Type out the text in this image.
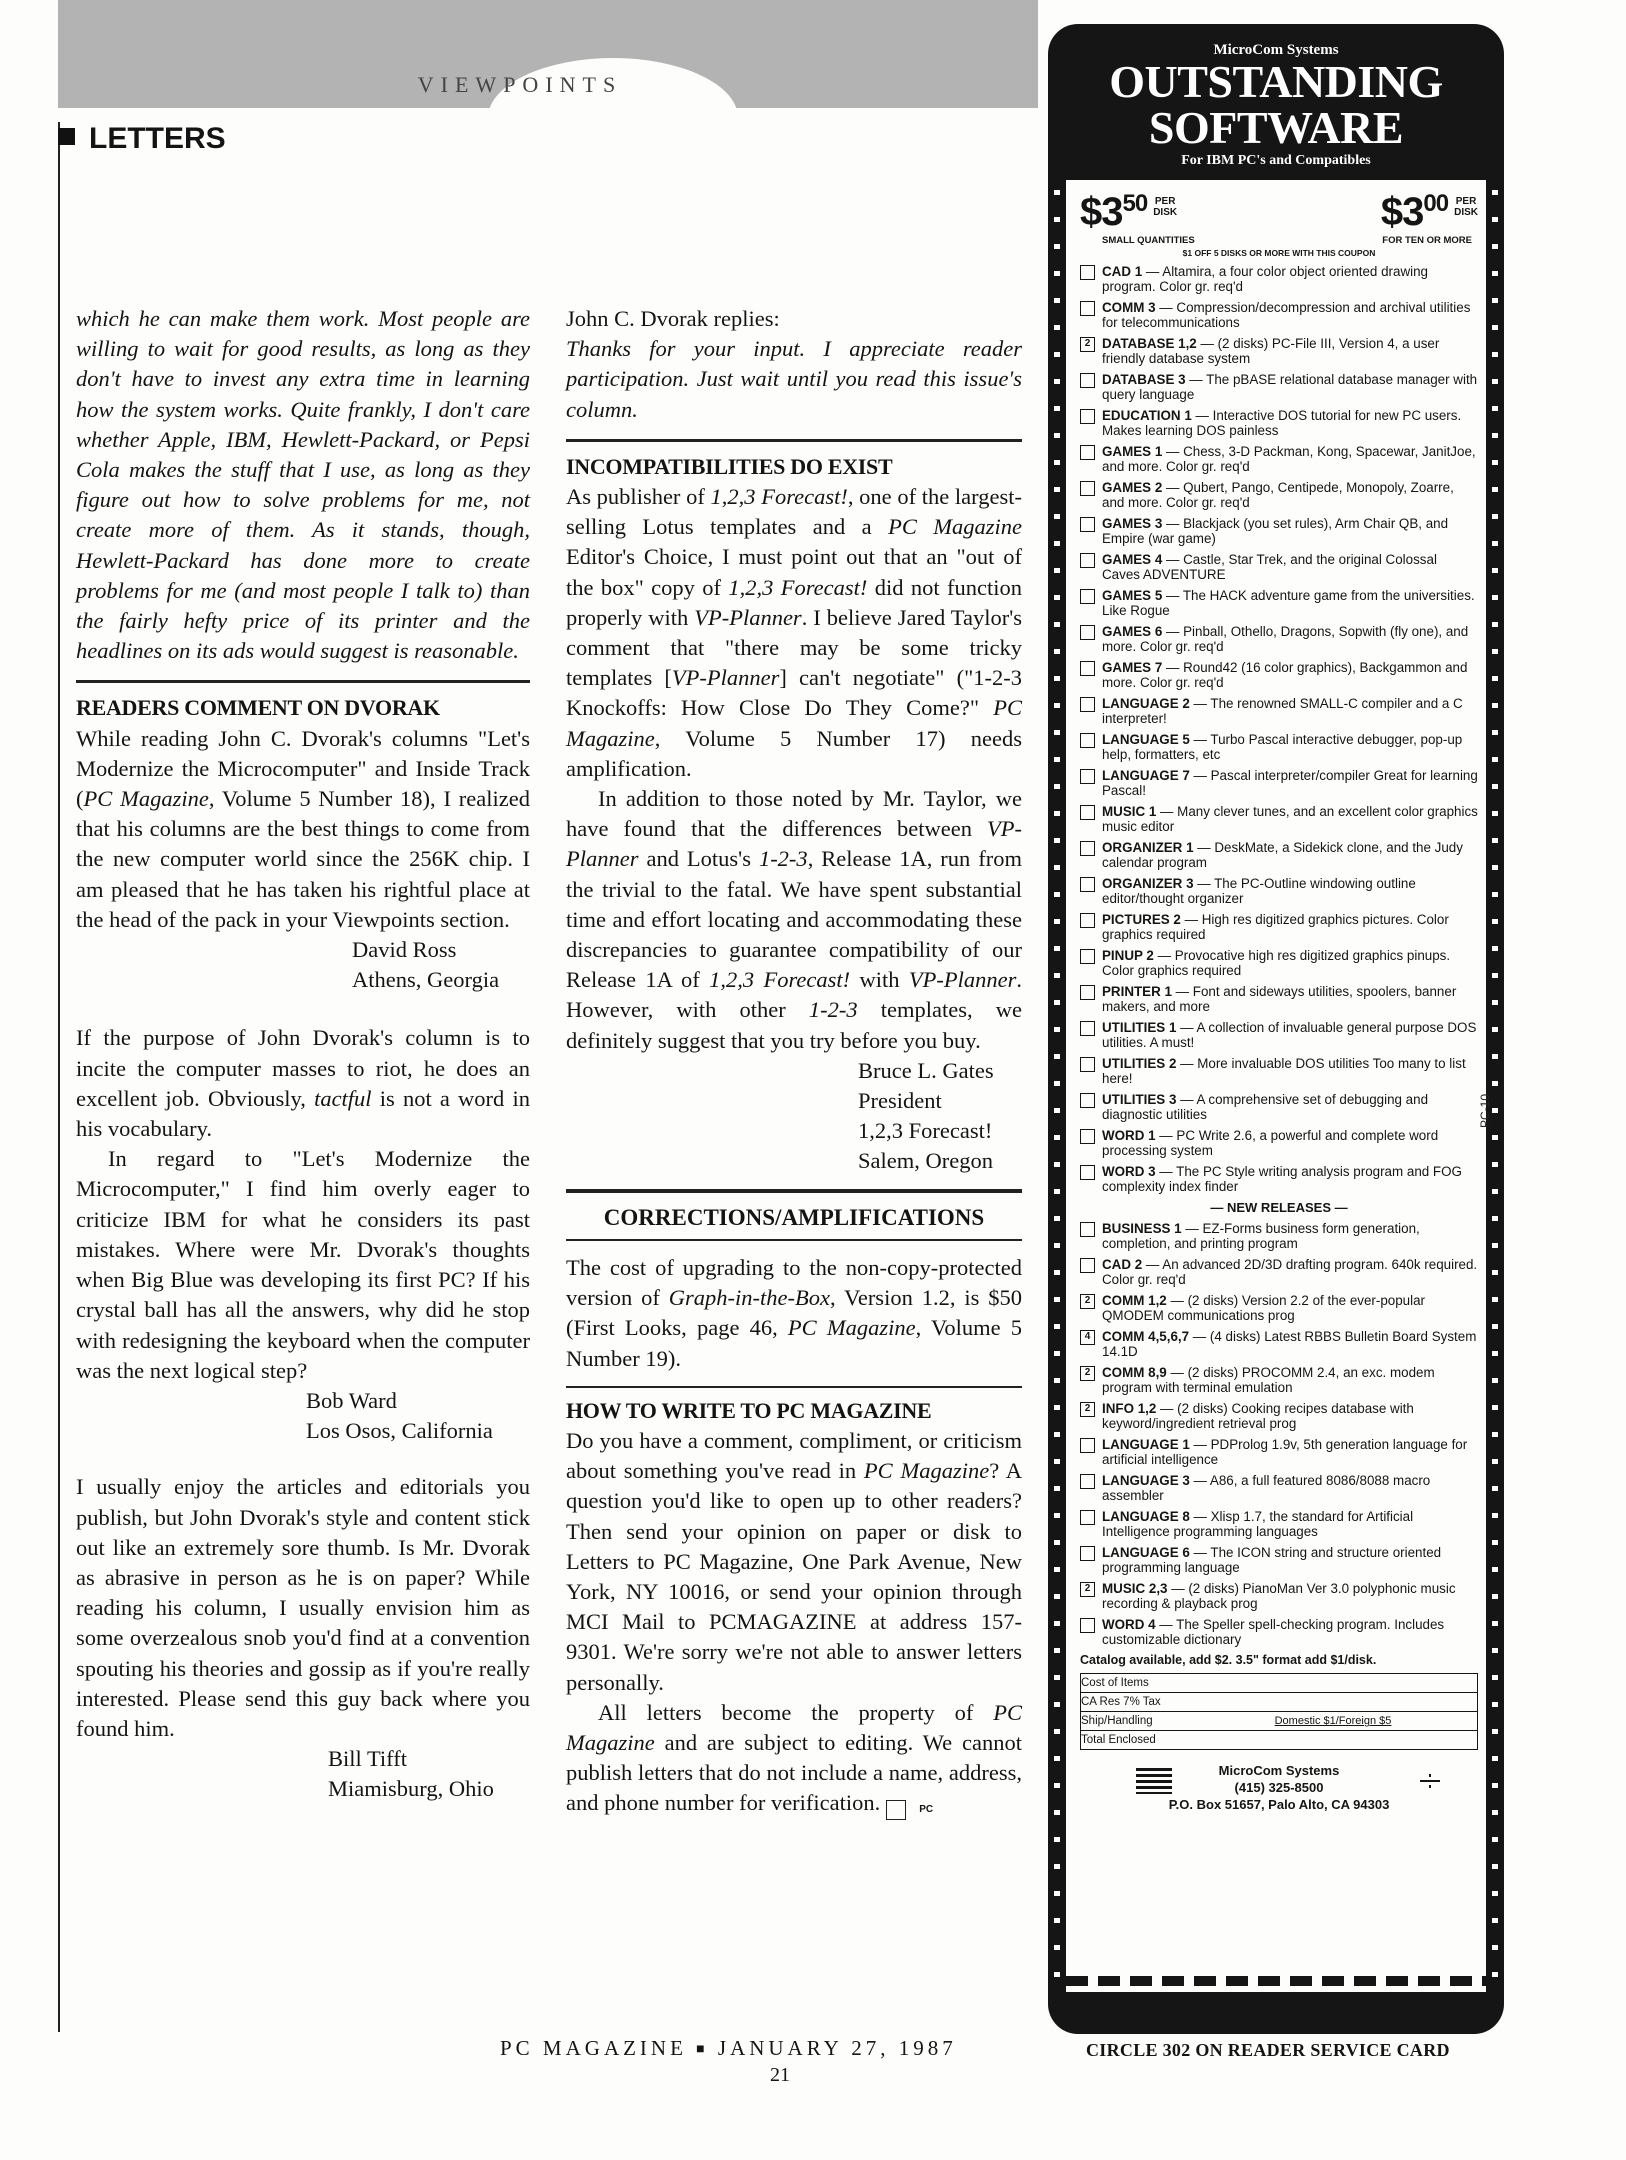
VIEWPOINTS
LETTERS

which he can make them work. Most people are willing to wait for good results, as long as they don't have to invest any extra time in learning how the system works. Quite frankly, I don't care whether Apple, IBM, Hewlett-Packard, or Pepsi Cola makes the stuff that I use, as long as they figure out how to solve problems for me, not create more of them. As it stands, though, Hewlett-Packard has done more to create problems for me (and most people I talk to) than the fairly hefty price of its printer and the headlines on its ads would suggest is reasonable.

READERS COMMENT ON DVORAK

While reading John C. Dvorak's columns "Let's Modernize the Microcomputer" and Inside Track (PC Magazine, Volume 5 Number 18), I realized that his columns are the best things to come from the new computer world since the 256K chip. I am pleased that he has taken his rightful place at the head of the pack in your Viewpoints section.

David Ross
Athens, Georgia

If the purpose of John Dvorak's column is to incite the computer masses to riot, he does an excellent job. Obviously, tactful is not a word in his vocabulary.

In regard to "Let's Modernize the Microcomputer," I find him overly eager to criticize IBM for what he considers its past mistakes. Where were Mr. Dvorak's thoughts when Big Blue was developing its first PC? If his crystal ball has all the answers, why did he stop with redesigning the keyboard when the computer was the next logical step?

Bob Ward
Los Osos, California

I usually enjoy the articles and editorials you publish, but John Dvorak's style and content stick out like an extremely sore thumb. Is Mr. Dvorak as abrasive in person as he is on paper? While reading his column, I usually envision him as some overzealous snob you'd find at a convention spouting his theories and gossip as if you're really interested. Please send this guy back where you found him.

Bill Tifft
Miamisburg, Ohio

John C. Dvorak replies:

Thanks for your input. I appreciate reader participation. Just wait until you read this issue's column.

INCOMPATIBILITIES DO EXIST

As publisher of 1,2,3 Forecast!, one of the largest-selling Lotus templates and a PC Magazine Editor's Choice, I must point out that an "out of the box" copy of 1,2,3 Forecast! did not function properly with VP-Planner. I believe Jared Taylor's comment that "there may be some tricky templates [VP-Planner] can't negotiate" ("1-2-3 Knockoffs: How Close Do They Come?" PC Magazine, Volume 5 Number 17) needs amplification.

In addition to those noted by Mr. Taylor, we have found that the differences between VP-Planner and Lotus's 1-2-3, Release 1A, run from the trivial to the fatal. We have spent substantial time and effort locating and accommodating these discrepancies to guarantee compatibility of our Release 1A of 1,2,3 Forecast! with VP-Planner. However, with other 1-2-3 templates, we definitely suggest that you try before you buy.

Bruce L. Gates
President
1,2,3 Forecast!
Salem, Oregon
CORRECTIONS/AMPLIFICATIONS

The cost of upgrading to the non-copy-protected version of Graph-in-the-Box, Version 1.2, is $50 (First Looks, page 46, PC Magazine, Volume 5 Number 19).

HOW TO WRITE TO PC MAGAZINE

Do you have a comment, compliment, or criticism about something you've read in PC Magazine? A question you'd like to open up to other readers? Then send your opinion on paper or disk to Letters to PC Magazine, One Park Avenue, New York, NY 10016, or send your opinion through MCI Mail to PCMAGAZINE at address 157-9301. We're sorry we're not able to answer letters personally.

All letters become the property of PC Magazine and are subject to editing. We cannot publish letters that do not include a name, address, and phone number for verification.	PC

MicroCom Systems
OUTSTANDING
SOFTWARE
For IBM PC's and Compatibles
$\$3^{50}$ PER
DISK	$\$3^{00}$ PER
DISK
SMALL QUANTITIES	FOR TEN OR MORE
$1 OFF 5 DISKS OR MORE WITH THIS COUPON
CAD 1 — Altamira, a four color object oriented drawing program. Color gr. req'd
COMM 3 — Compression/decompression and archival utilities for telecommunications
2 DATABASE 1,2 — (2 disks) PC-File III, Version 4, a user friendly database system
DATABASE 3 — The pBASE relational database manager with query language
EDUCATION 1 — Interactive DOS tutorial for new PC users. Makes learning DOS painless
GAMES 1 — Chess, 3-D Packman, Kong, Spacewar, JanitJoe, and more. Color gr. req'd
GAMES 2 — Qubert, Pango, Centipede, Monopoly, Zoarre, and more. Color gr. req'd
GAMES 3 — Blackjack (you set rules), Arm Chair QB, and Empire (war game)
GAMES 4 — Castle, Star Trek, and the original Colossal Caves ADVENTURE
GAMES 5 — The HACK adventure game from the universities. Like Rogue
GAMES 6 — Pinball, Othello, Dragons, Sopwith (fly one), and more. Color gr. req'd
GAMES 7 — Round42 (16 color graphics), Backgammon and more. Color gr. req'd
LANGUAGE 2 — The renowned SMALL-C compiler and a C interpreter!
LANGUAGE 5 — Turbo Pascal interactive debugger, pop-up help, formatters, etc
LANGUAGE 7 — Pascal interpreter/compiler Great for learning Pascal!
MUSIC 1 — Many clever tunes, and an excellent color graphics music editor
ORGANIZER 1 — DeskMate, a Sidekick clone, and the Judy calendar program
ORGANIZER 3 — The PC-Outline windowing outline editor/thought organizer
PICTURES 2 — High res digitized graphics pictures. Color graphics required
PINUP 2 — Provocative high res digitized graphics pinups. Color graphics required
PRINTER 1 — Font and sideways utilities, spoolers, banner makers, and more
UTILITIES 1 — A collection of invaluable general purpose DOS utilities. A must!
UTILITIES 2 — More invaluable DOS utilities Too many to list here!
UTILITIES 3 — A comprehensive set of debugging and diagnostic utilities
WORD 1 — PC Write 2.6, a powerful and complete word processing system
WORD 3 — The PC Style writing analysis program and FOG complexity index finder
— NEW RELEASES —
BUSINESS 1 — EZ-Forms business form generation, completion, and printing program
CAD 2 — An advanced 2D/3D drafting program. 640k required. Color gr. req'd
2 COMM 1,2 — (2 disks) Version 2.2 of the ever-popular QMODEM communications prog
4 COMM 4,5,6,7 — (4 disks) Latest RBBS Bulletin Board System 14.1D
2 COMM 8,9 — (2 disks) PROCOMM 2.4, an exc. modem program with terminal emulation
2 INFO 1,2 — (2 disks) Cooking recipes database with keyword/ingredient retrieval prog
LANGUAGE 1 — PDProlog 1.9v, 5th generation language for artificial intelligence
LANGUAGE 3 — A86, a full featured 8086/8088 macro assembler
LANGUAGE 8 — Xlisp 1.7, the standard for Artificial Intelligence programming languages
LANGUAGE 6 — The ICON string and structure oriented programming language
2 MUSIC 2,3 — (2 disks) PianoMan Ver 3.0 polyphonic music recording & playback prog
WORD 4 — The Speller spell-checking program. Includes customizable dictionary
Catalog available, add $2. 3.5" format add $1/disk.
Cost of Items
CA Res 7% Tax
Ship/Handling	Domestic $1/Foreign $5
Total Enclosed
MicroCom Systems
(415) 325-8500
P.O. Box 51657, Palo Alto, CA 94303
PC-10
PC MAGAZINE ■ JANUARY 27, 1987	CIRCLE 302 ON READER SERVICE CARD
21
